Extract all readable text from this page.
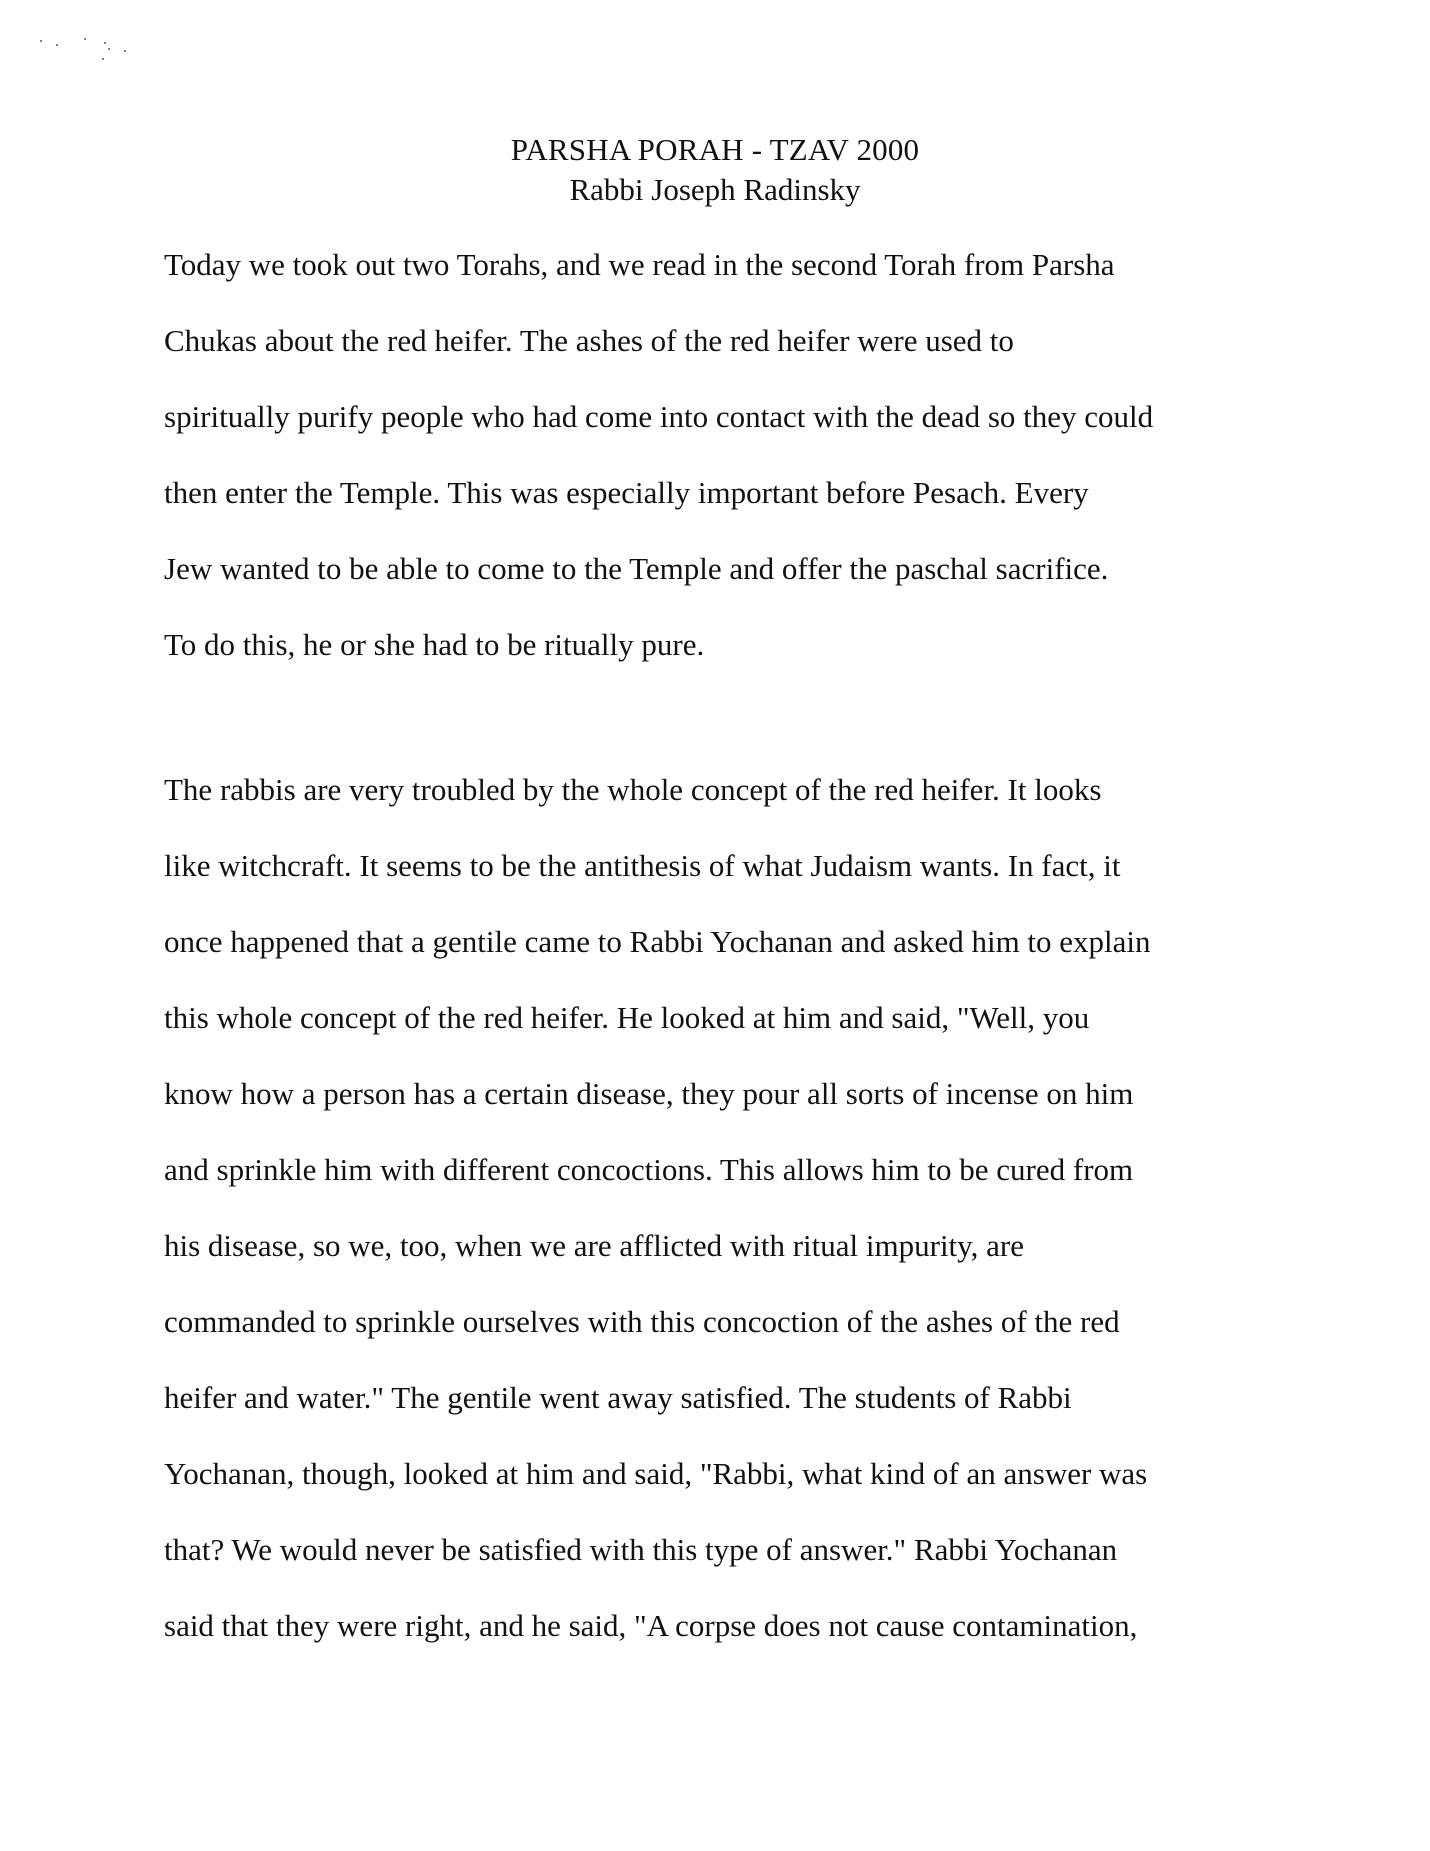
PARSHA PORAH - TZAV 2000
Rabbi Joseph Radinsky
Today we took out two Torahs, and we read in the second Torah from Parsha
Chukas about the red heifer. The ashes of the red heifer were used to
spiritually purify people who had come into contact with the dead so they could
then enter the Temple. This was especially important before Pesach. Every
Jew wanted to be able to come to the Temple and offer the paschal sacrifice.
To do this, he or she had to be ritually pure.
The rabbis are very troubled by the whole concept of the red heifer. It looks
like witchcraft. It seems to be the antithesis of what Judaism wants. In fact, it
once happened that a gentile came to Rabbi Yochanan and asked him to explain
this whole concept of the red heifer. He looked at him and said, "Well, you
know how a person has a certain disease, they pour all sorts of incense on him
and sprinkle him with different concoctions. This allows him to be cured from
his disease, so we, too, when we are afflicted with ritual impurity, are
commanded to sprinkle ourselves with this concoction of the ashes of the red
heifer and water." The gentile went away satisfied. The students of Rabbi
Yochanan, though, looked at him and said, "Rabbi, what kind of an answer was
that? We would never be satisfied with this type of answer." Rabbi Yochanan
said that they were right, and he said, "A corpse does not cause contamination,
